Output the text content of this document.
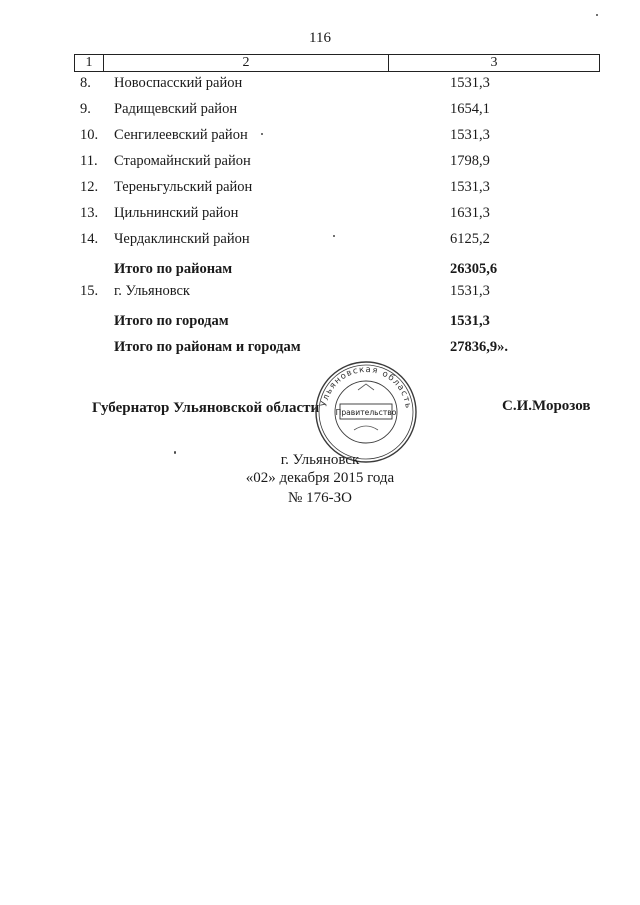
116
1	2	3
8.	Новоспасский район	1531,3
9.	Радищевский район	1654,1
10.	Сенгилеевский район	1531,3
11.	Старомайнский район	1798,9
12.	Тереньгульский район	1531,3
13.	Цильнинский район	1631,3
14.	Чердаклинский район	6125,2
Итого по районам	26305,6
15.	г. Ульяновск	1531,3
Итого по городам	1531,3
Итого по районам и городам	27836,9».
Губернатор Ульяновской области	С.И.Морозов
Ульяновская область
Правительство
г. Ульяновск
«02» декабря 2015 года
№ 176-ЗО
